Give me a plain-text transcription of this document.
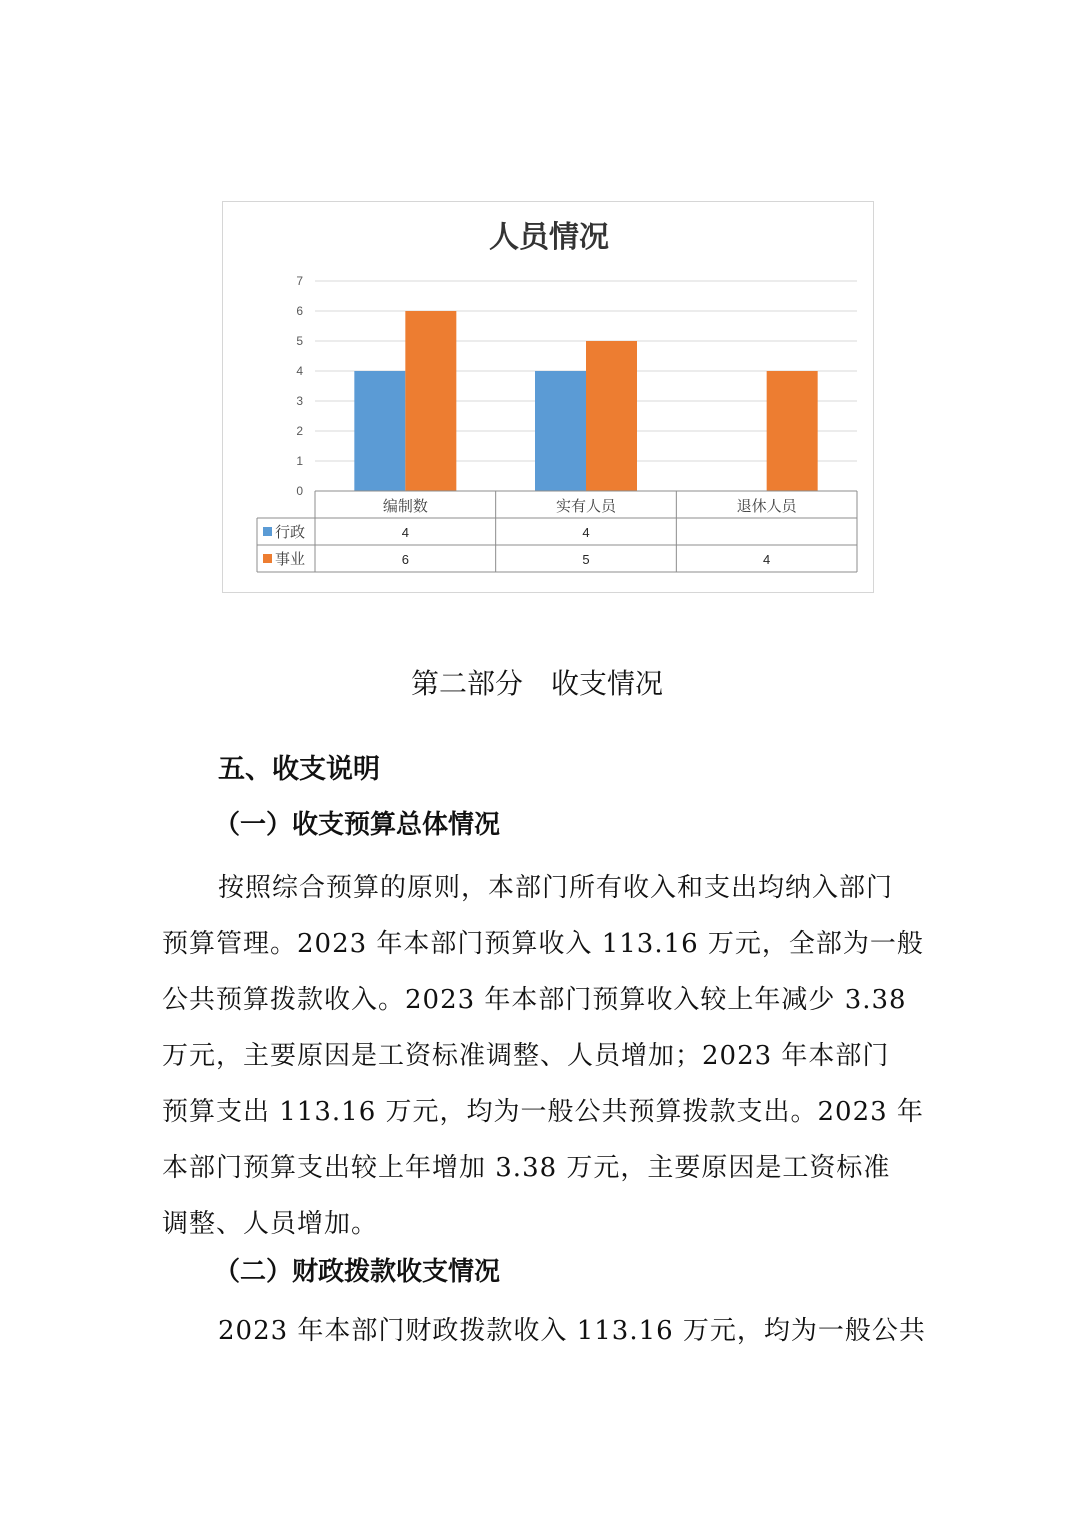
人员情况
0
1
2
3
4
5
6
7
编制数	实有人员	退休人员
行政	4	4
事业	6	5	4
第二部分　收支情况
五、收支说明
（一）收支预算总体情况
按照综合预算的原则，本部门所有收入和支出均纳入部门
预算管理。2023 年本部门预算收入 113.16 万元，全部为一般
公共预算拨款收入。2023 年本部门预算收入较上年减少 3.38
万元，主要原因是工资标准调整、人员增加；2023 年本部门
预算支出 113.16 万元，均为一般公共预算拨款支出。2023 年
本部门预算支出较上年增加 3.38 万元，主要原因是工资标准
调整、人员增加。
（二）财政拨款收支情况
2023 年本部门财政拨款收入 113.16 万元，均为一般公共
